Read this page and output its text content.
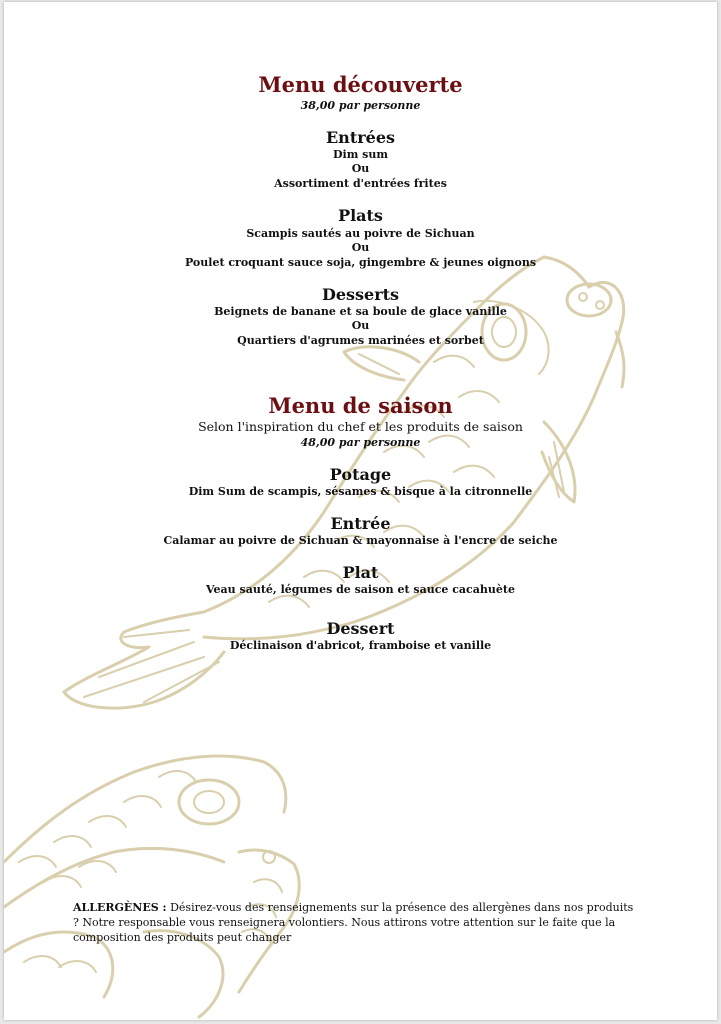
Menu découverte
38,00 par personne
Entrées
Dim sum
Ou
Assortiment d'entrées frites
Plats
Scampis sautés au poivre de Sichuan
Ou
Poulet croquant sauce soja, gingembre & jeunes oignons
Desserts
Beignets de banane et sa boule de glace vanille
Ou
Quartiers d'agrumes marinées et sorbet
Menu de saison
Selon l'inspiration du chef et les produits de saison
48,00 par personne
Potage
Dim Sum de scampis, sésames & bisque à la citronnelle
Entrée
Calamar au poivre de Sichuan & mayonnaise à l'encre de seiche
Plat
Veau sauté, légumes de saison et sauce cacahuète
Dessert
Déclinaison d'abricot, framboise et vanille
ALLERGÈNES : Désirez-vous des renseignements sur la présence des allergènes dans nos produits ? Notre responsable vous renseignera volontiers. Nous attirons votre attention sur le faite que la composition des produits peut changer
